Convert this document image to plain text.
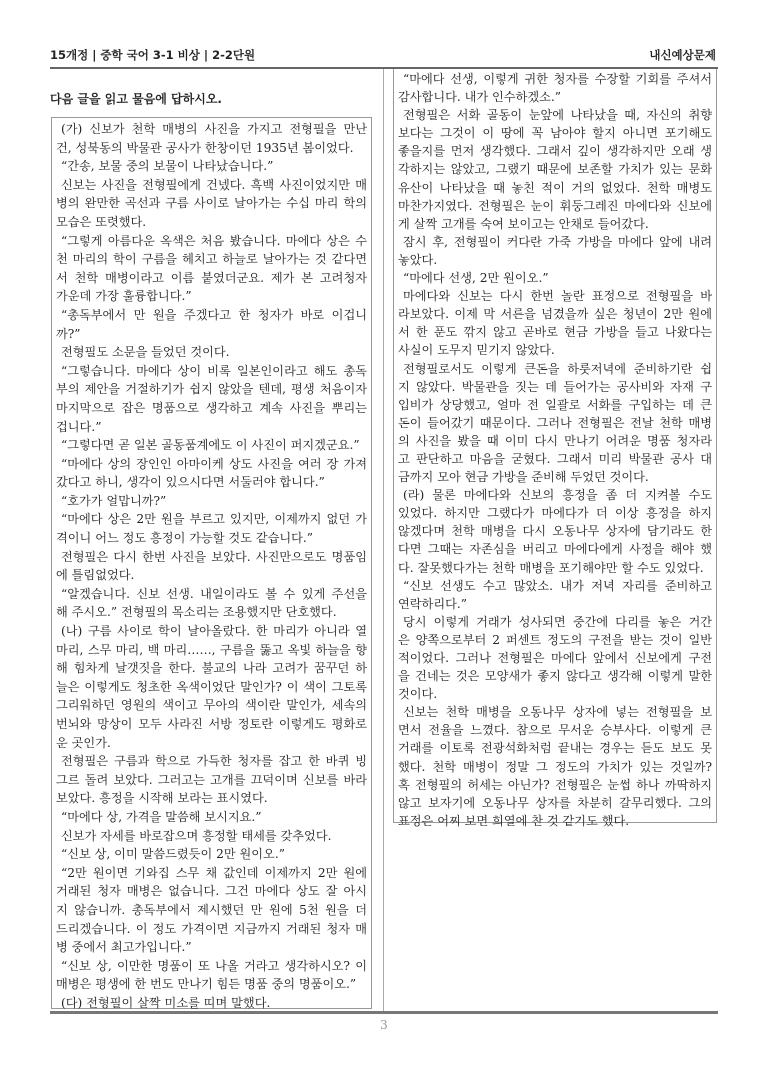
15개정 | 중학 국어 3-1 비상 | 2-2단원	내신예상문제
다음 글을 읽고 물음에 답하시오.
(가) 신보가 천학 매병의 사진을 가지고 전형필을 만난
건, 성북동의 박물관 공사가 한창이던 1935년 봄이었다.
“간송, 보물 중의 보물이 나타났습니다.”
신보는 사진을 전형필에게 건넸다. 흑백 사진이었지만 매
병의 완만한 곡선과 구름 사이로 날아가는 수십 마리 학의
모습은 또렷했다.
“그렇게 아름다운 옥색은 처음 봤습니다. 마에다 상은 수
천 마리의 학이 구름을 헤치고 하늘로 날아가는 것 같다면
서 천학 매병이라고 이름 붙였더군요. 제가 본 고려청자
가운데 가장 훌륭합니다.”
“총독부에서 만 원을 주겠다고 한 청자가 바로 이겁니
까?”
전형필도 소문을 들었던 것이다.
“그렇습니다. 마에다 상이 비록 일본인이라고 해도 총독
부의 제안을 거절하기가 쉽지 않았을 텐데, 평생 처음이자
마지막으로 잡은 명품으로 생각하고 계속 사진을 뿌리는
겁니다.”
“그렇다면 곧 일본 골동품계에도 이 사진이 퍼지겠군요.”
“마에다 상의 장인인 아마이케 상도 사진을 여러 장 가져
갔다고 하니, 생각이 있으시다면 서둘러야 합니다.”
“호가가 얼맙니까?”
“마에다 상은 2만 원을 부르고 있지만, 이제까지 없던 가
격이니 어느 정도 흥정이 가능할 것도 같습니다.”
전형필은 다시 한번 사진을 보았다. 사진만으로도 명품임
에 틀림없었다.
“알겠습니다. 신보 선생. 내일이라도 볼 수 있게 주선을
해 주시오.” 전형필의 목소리는 조용했지만 단호했다.
(나) 구름 사이로 학이 날아올랐다. 한 마리가 아니라 열
마리, 스무 마리, 백 마리……, 구름을 뚫고 옥빛 하늘을 향
해 힘차게 날갯짓을 한다. 불교의 나라 고려가 꿈꾸던 하
늘은 이렇게도 청초한 옥색이었단 말인가? 이 색이 그토록
그리워하던 영원의 색이고 무아의 색이란 말인가, 세속의
번뇌와 망상이 모두 사라진 서방 정토란 이렇게도 평화로
운 곳인가.
전형필은 구름과 학으로 가득한 청자를 잡고 한 바퀴 빙
그르 돌려 보았다. 그러고는 고개를 끄덕이며 신보를 바라
보았다. 흥정을 시작해 보라는 표시였다.
“마에다 상, 가격을 말씀해 보시지요.”
신보가 자세를 바로잡으며 흥정할 태세를 갖추었다.
“신보 상, 이미 말씀드렸듯이 2만 원이오.”
“2만 원이면 기와집 스무 채 값인데 이제까지 2만 원에
거래된 청자 매병은 없습니다. 그건 마에다 상도 잘 아시
지 않습니까. 총독부에서 제시했던 만 원에 5천 원을 더
드리겠습니다. 이 정도 가격이면 지금까지 거래된 청자 매
병 중에서 최고가입니다.”
“신보 상, 이만한 명품이 또 나올 거라고 생각하시오? 이
매병은 평생에 한 번도 만나기 힘든 명품 중의 명품이오.”
(다) 전형필이 살짝 미소를 띠며 말했다.
“마에다 선생, 이렇게 귀한 청자를 수장할 기회를 주셔서
감사합니다. 내가 인수하겠소.”
전형필은 서화 골동이 눈앞에 나타났을 때, 자신의 취향
보다는 그것이 이 땅에 꼭 남아야 할지 아니면 포기해도
좋을지를 먼저 생각했다. 그래서 깊이 생각하지만 오래 생
각하지는 않았고, 그랬기 때문에 보존할 가치가 있는 문화
유산이 나타났을 때 놓친 적이 거의 없었다. 천학 매병도
마찬가지였다. 전형필은 눈이 휘둥그레진 마에다와 신보에
게 살짝 고개를 숙여 보이고는 안채로 들어갔다.
잠시 후, 전형필이 커다란 가죽 가방을 마에다 앞에 내려
놓았다.
“마에다 선생, 2만 원이오.”
마에다와 신보는 다시 한번 놀란 표정으로 전형필을 바
라보았다. 이제 막 서른을 넘겼을까 싶은 청년이 2만 원에
서 한 푼도 깎지 않고 곧바로 현금 가방을 들고 나왔다는
사실이 도무지 믿기지 않았다.
전형필로서도 이렇게 큰돈을 하룻저녁에 준비하기란 쉽
지 않았다. 박물관을 짓는 데 들어가는 공사비와 자재 구
입비가 상당했고, 얼마 전 일괄로 서화를 구입하는 데 큰
돈이 들어갔기 때문이다. 그러나 전형필은 전날 천학 매병
의 사진을 봤을 때 이미 다시 만나기 어려운 명품 청자라
고 판단하고 마음을 굳혔다. 그래서 미리 박물관 공사 대
금까지 모아 현금 가방을 준비해 두었던 것이다.
(라) 물론 마에다와 신보의 흥정을 좀 더 지켜볼 수도
있었다. 하지만 그랬다가 마에다가 더 이상 흥정을 하지
않겠다며 천학 매병을 다시 오동나무 상자에 담기라도 한
다면 그때는 자존심을 버리고 마에다에게 사정을 해야 했
다. 잘못했다가는 천학 매병을 포기해야만 할 수도 있었다.
“신보 선생도 수고 많았소. 내가 저녁 자리를 준비하고
연락하리다.”
당시 이렇게 거래가 성사되면 중간에 다리를 놓은 거간
은 양쪽으로부터 2 퍼센트 정도의 구전을 받는 것이 일반
적이었다. 그러나 전형필은 마에다 앞에서 신보에게 구전
을 건네는 것은 모양새가 좋지 않다고 생각해 이렇게 말한
것이다.
신보는 천학 매병을 오동나무 상자에 넣는 전형필을 보
면서 전율을 느꼈다. 참으로 무서운 승부사다. 이렇게 큰
거래를 이토록 전광석화처럼 끝내는 경우는 듣도 보도 못
했다. 천학 매병이 정말 그 정도의 가치가 있는 것일까?
혹 전형필의 허세는 아닌가? 전형필은 눈썹 하나 까딱하지
않고 보자기에 오동나무 상자를 차분히 갈무리했다. 그의
표정은 어찌 보면 희열에 찬 것 같기도 했다.
3
